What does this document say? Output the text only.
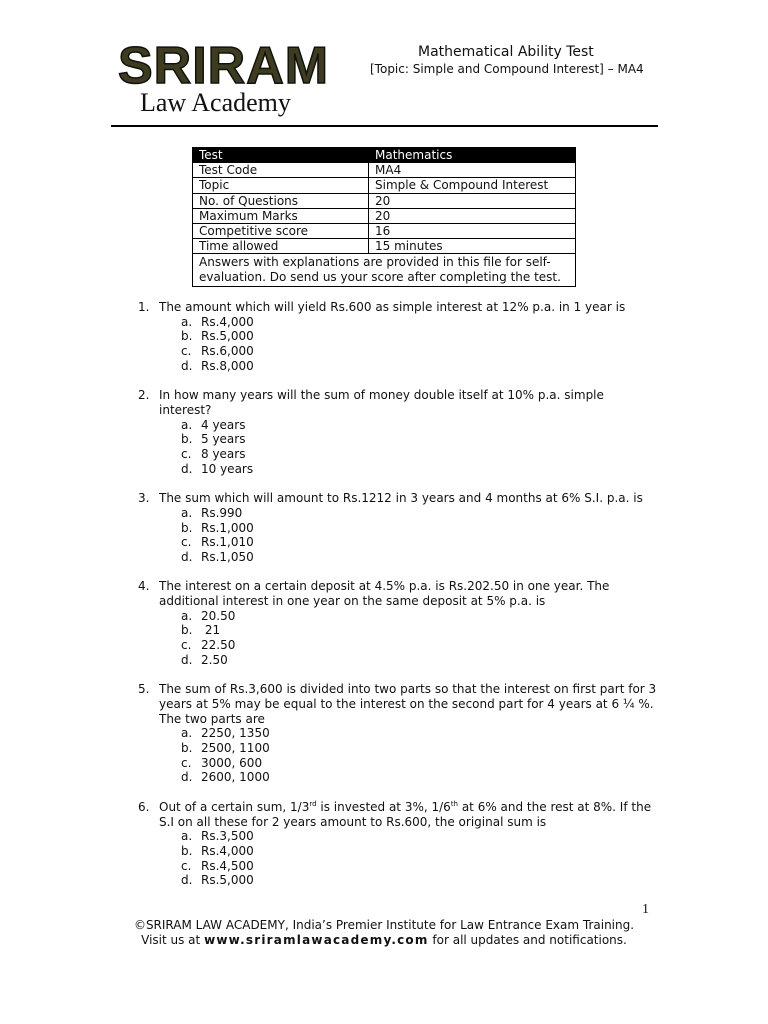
SRIRAM
Law Academy
Mathematical Ability Test
[Topic: Simple and Compound Interest] – MA4
Test	Mathematics
Test Code	MA4
Topic	Simple & Compound Interest
No. of Questions	20
Maximum Marks	20
Competitive score	16
Time allowed	15 minutes
Answers with explanations are provided in this file for self-evaluation. Do send us your score after completing the test.	
1. The amount which will yield Rs.600 as simple interest at 12% p.a. in 1 year is
a. Rs.4,000
b. Rs.5,000
c. Rs.6,000
d. Rs.8,000
2. In how many years will the sum of money double itself at 10% p.a. simple interest?
a. 4 years
b. 5 years
c. 8 years
d. 10 years
3. The sum which will amount to Rs.1212 in 3 years and 4 months at 6% S.I. p.a. is
a. Rs.990
b. Rs.1,000
c. Rs.1,010
d. Rs.1,050
4. The interest on a certain deposit at 4.5% p.a. is Rs.202.50 in one year. The additional interest in one year on the same deposit at 5% p.a. is
a. 20.50
b. 21
c. 22.50
d. 2.50
5. The sum of Rs.3,600 is divided into two parts so that the interest on first part for 3 years at 5% may be equal to the interest on the second part for 4 years at 6 ¼ %. The two parts are
a. 2250, 1350
b. 2500, 1100
c. 3000, 600
d. 2600, 1000
6. Out of a certain sum, 1/3rd is invested at 3%, 1/6th at 6% and the rest at 8%. If the S.I on all these for 2 years amount to Rs.600, the original sum is
a. Rs.3,500
b. Rs.4,000
c. Rs.4,500
d. Rs.5,000
1
©SRIRAM LAW ACADEMY, India’s Premier Institute for Law Entrance Exam Training.
Visit us at www.sriramlawacademy.com for all updates and notifications.
